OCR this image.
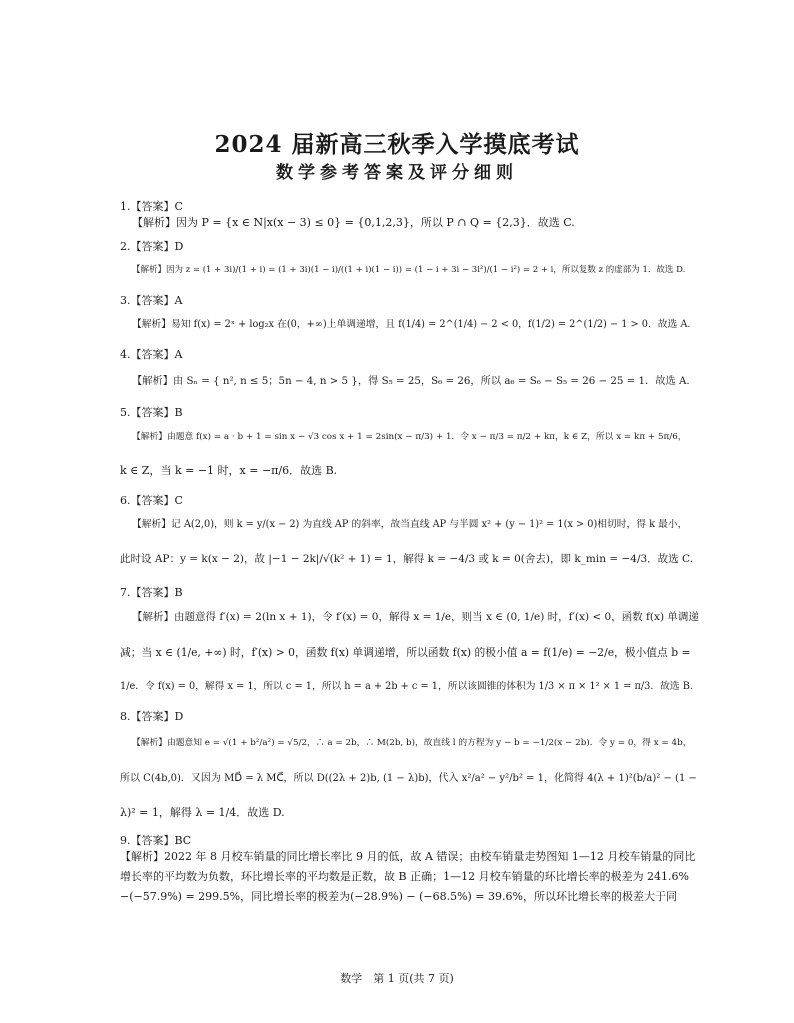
2024 届新高三秋季入学摸底考试
数学参考答案及评分细则
1.【答案】C
【解析】因为 P = {x ∈ N|x(x − 3) ≤ 0} = {0,1,2,3}，所以 P ∩ Q = {2,3}．故选 C.
2.【答案】D
【解析】因为 z = (1 + 3i)/(1 + i) = (1 + 3i)(1 − i)/((1 + i)(1 − i)) = (1 − i + 3i − 3i²)/(1 − i²) = 2 + i，所以复数 z 的虚部为 1．故选 D.
3.【答案】A
【解析】易知 f(x) = 2ˣ + log₂x 在(0，+∞)上单调递增，且 f(1/4) = 2^(1/4) − 2 < 0，f(1/2) = 2^(1/2) − 1 > 0．故选 A.
4.【答案】A
【解析】由 Sₙ = { n², n ≤ 5；5n − 4, n > 5 }，得 S₅ = 25，S₆ = 26，所以 a₆ = S₆ − S₅ = 26 − 25 = 1．故选 A.
5.【答案】B
【解析】由题意 f(x) = a · b + 1 = sin x − √3 cos x + 1 = 2sin(x − π/3) + 1．令 x − π/3 = π/2 + kπ，k ∈ Z，所以 x = kπ + 5π/6，
k ∈ Z，当 k = −1 时，x = −π/6．故选 B.
6.【答案】C
【解析】记 A(2,0)，则 k = y/(x − 2) 为直线 AP 的斜率，故当直线 AP 与半圆 x² + (y − 1)² = 1(x > 0)相切时，得 k 最小，
此时设 AP：y = k(x − 2)，故 |−1 − 2k|/√(k² + 1) = 1，解得 k = −4/3 或 k = 0(舍去)，即 k_min = −4/3．故选 C.
7.【答案】B
【解析】由题意得 f′(x) = 2(ln x + 1)，令 f′(x) = 0，解得 x = 1/e，则当 x ∈ (0, 1/e) 时，f′(x) < 0，函数 f(x) 单调递
减；当 x ∈ (1/e, +∞) 时，f′(x) > 0，函数 f(x) 单调递增，所以函数 f(x) 的极小值 a = f(1/e) = −2/e，极小值点 b =
1/e．令 f(x) = 0，解得 x = 1，所以 c = 1，所以 h = a + 2b + c = 1，所以该圆锥的体积为 1/3 × π × 1² × 1 = π/3．故选 B.
8.【答案】D
【解析】由题意知 e = √(1 + b²/a²) = √5/2，∴ a = 2b，∴ M(2b, b)，故直线 l 的方程为 y − b = −1/2(x − 2b)．令 y = 0，得 x = 4b，
所以 C(4b,0)．又因为 MD⃗ = λ MC⃗，所以 D((2λ + 2)b, (1 − λ)b)，代入 x²/a² − y²/b² = 1，化简得 4(λ + 1)²(b/a)² − (1 −
λ)² = 1，解得 λ = 1/4．故选 D.
9.【答案】BC
【解析】2022 年 8 月校车销量的同比增长率比 9 月的低，故 A 错误；由校车销量走势图知 1—12 月校车销量的同比
增长率的平均数为负数，环比增长率的平均数是正数，故 B 正确；1—12 月校车销量的环比增长率的极差为 241.6%
−(−57.9%) = 299.5%，同比增长率的极差为(−28.9%) − (−68.5%) = 39.6%，所以环比增长率的极差大于同
数学　第 1 页(共 7 页)
